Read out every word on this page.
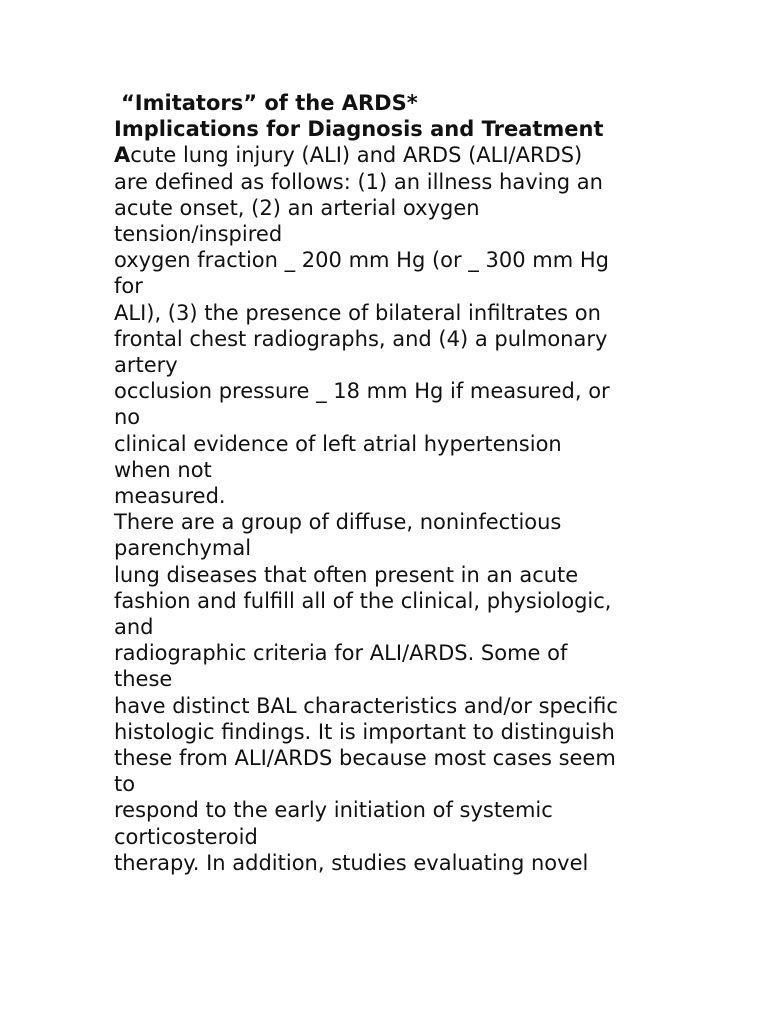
“Imitators” of the ARDS*
Implications for Diagnosis and Treatment
Acute lung injury (ALI) and ARDS (ALI/ARDS)
are defined as follows: (1) an illness having an
acute onset, (2) an arterial oxygen
tension/inspired
oxygen fraction _ 200 mm Hg (or _ 300 mm Hg
for
ALI), (3) the presence of bilateral infiltrates on
frontal chest radiographs, and (4) a pulmonary
artery
occlusion pressure _ 18 mm Hg if measured, or
no
clinical evidence of left atrial hypertension
when not
measured.
There are a group of diffuse, noninfectious
parenchymal
lung diseases that often present in an acute
fashion and fulfill all of the clinical, physiologic,
and
radiographic criteria for ALI/ARDS. Some of
these
have distinct BAL characteristics and/or specific
histologic findings. It is important to distinguish
these from ALI/ARDS because most cases seem
to
respond to the early initiation of systemic
corticosteroid
therapy. In addition, studies evaluating novel
